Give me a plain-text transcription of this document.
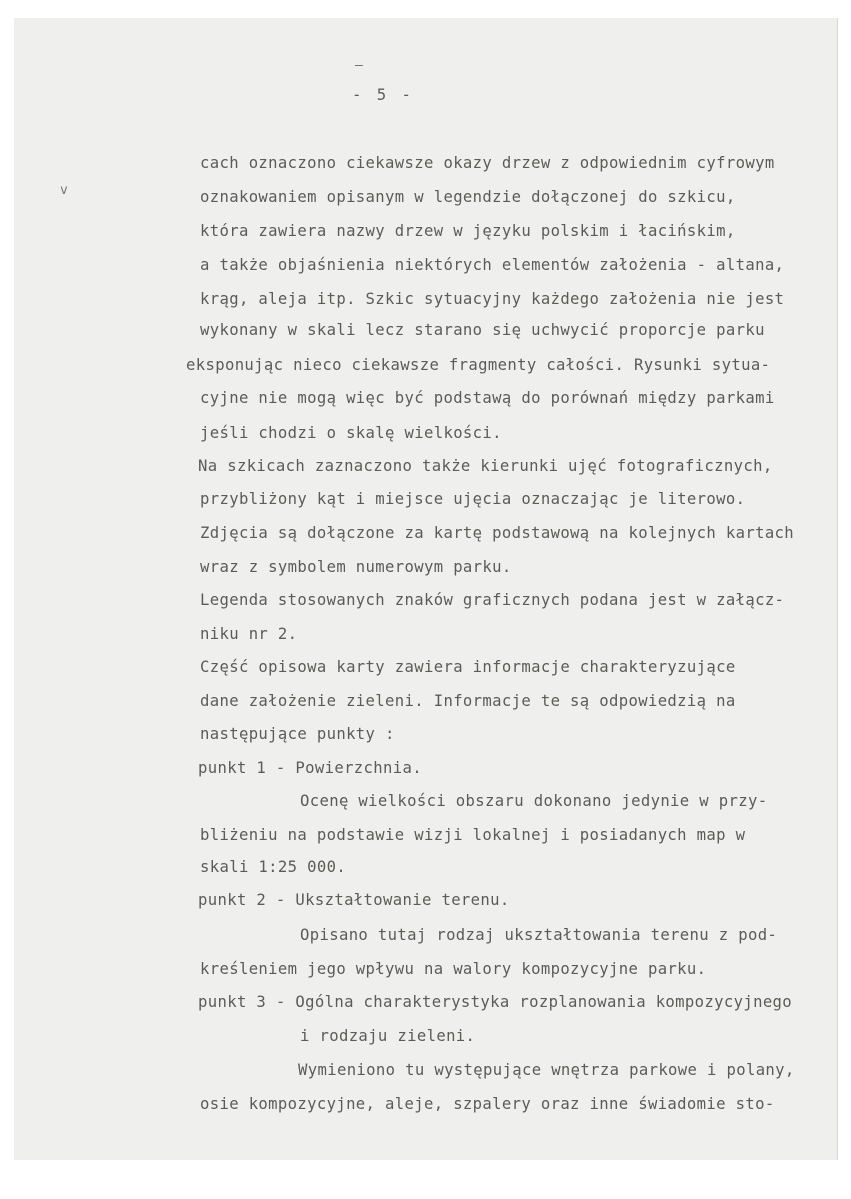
—
- 5 -
v

cach oznaczono ciekawsze okazy drzew z odpowiednim cyfrowym

oznakowaniem opisanym w legendzie dołączonej do szkicu,

która zawiera nazwy drzew w języku polskim i łacińskim,

a także objaśnienia niektórych elementów założenia - altana,

krąg, aleja itp. Szkic sytuacyjny każdego założenia nie jest

wykonany w skali lecz starano się uchwycić proporcje parku

eksponując nieco ciekawsze fragmenty całości. Rysunki sytua-

cyjne nie mogą więc być podstawą do porównań między parkami

jeśli chodzi o skalę wielkości.

Na szkicach zaznaczono także kierunki ujęć fotograficznych,

przybliżony kąt i miejsce ujęcia oznaczając je literowo.

Zdjęcia są dołączone za kartę podstawową na kolejnych kartach

wraz z symbolem numerowym parku.

Legenda stosowanych znaków graficznych podana jest w załącz-

niku nr 2.

Część opisowa karty zawiera informacje charakteryzujące

dane założenie zieleni. Informacje te są odpowiedzią na

następujące punkty :

punkt 1 - Powierzchnia.

Ocenę wielkości obszaru dokonano jedynie w przy-

bliżeniu na podstawie wizji lokalnej i posiadanych map w

skali 1:25 000.

punkt 2 - Ukształtowanie terenu.

Opisano tutaj rodzaj ukształtowania terenu z pod-

kreśleniem jego wpływu na walory kompozycyjne parku.

punkt 3 - Ogólna charakterystyka rozplanowania kompozycyjnego

i rodzaju zieleni.

Wymieniono tu występujące wnętrza parkowe i polany,

osie kompozycyjne, aleje, szpalery oraz inne świadomie sto-
